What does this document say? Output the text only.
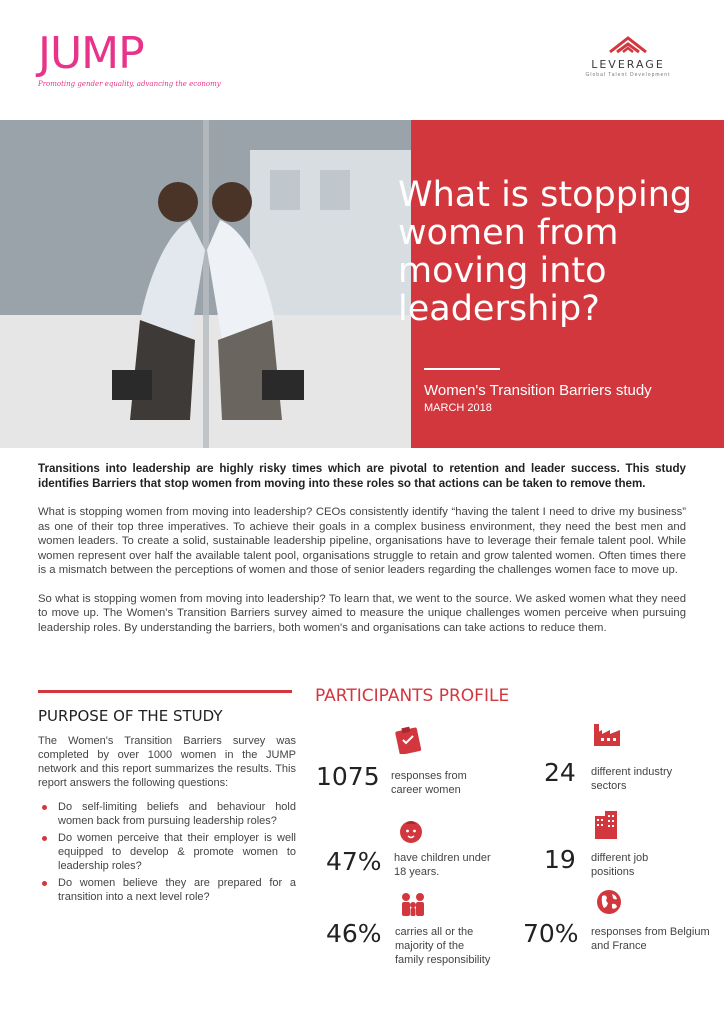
JUMP
Promoting gender equality, advancing the economy
LEVERAGE
Global Talent Development
What is stopping women from moving into leadership?
Women's Transition Barriers study
MARCH 2018

Transitions into leadership are highly risky times which are pivotal to retention and leader success. This study identifies Barriers that stop women from moving into these roles so that actions can be taken to remove them.

What is stopping women from moving into leadership? CEOs consistently identify “having the talent I need to drive my business” as one of their top three imperatives. To achieve their goals in a complex business environment, they need the best men and women leaders. To create a solid, sustainable leadership pipeline, organisations have to leverage their female talent pool. While women represent over half the available talent pool, organisations struggle to retain and grow talented women. Often times there is a mismatch between the perceptions of women and those of senior leaders regarding the challenges women face to move up.

So what is stopping women from moving into leadership? To learn that, we went to the source. We asked women what they need to move up. The Women's Transition Barriers survey aimed to measure the unique challenges women perceive when pursuing leadership roles. By understanding the barriers, both women's and organisations can take actions to reduce them.

PURPOSE OF THE STUDY

The Women's Transition Barriers survey was completed by over 1000 women in the JUMP network and this report summarizes the results. This report answers the following questions:

Do self-limiting beliefs and behaviour hold women back from pursuing leadership roles?
Do women perceive that their employer is well equipped to develop & promote women to leadership roles?
Do women believe they are prepared for a transition into a next level role?
PARTICIPANTS PROFILE
1075 responses from career women
24 different industry sectors
47% have children under 18 years.	19 different job positions
46% carries all or the majority of the family responsibility
70% responses from Belgium and France
